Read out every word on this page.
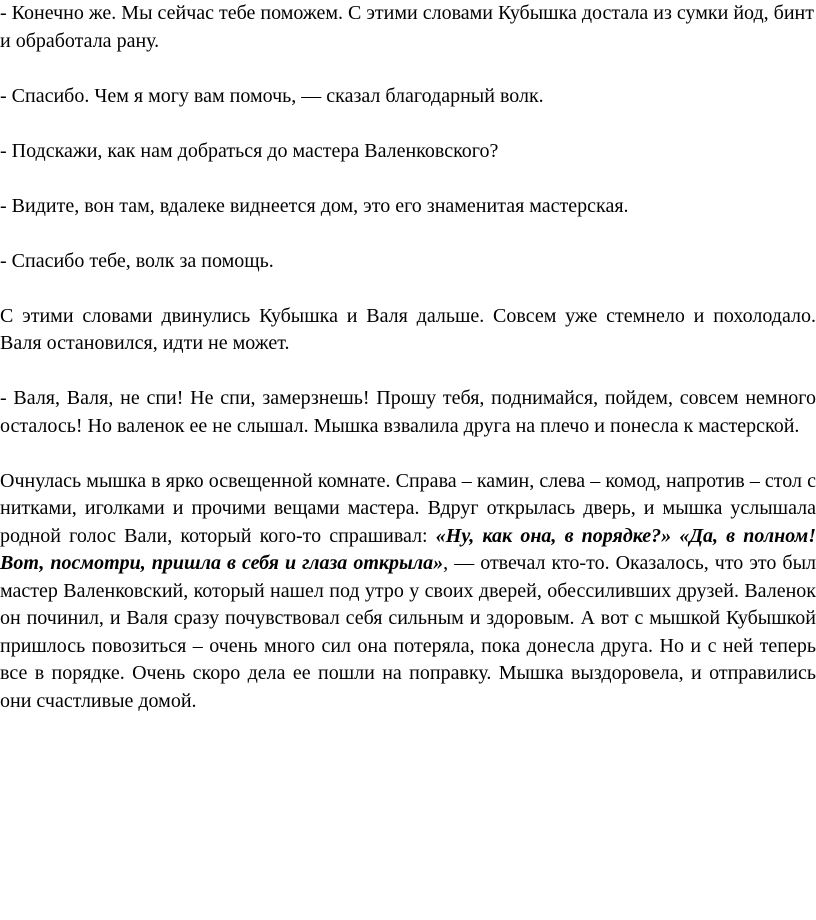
- Конечно же. Мы сейчас тебе поможем. С этими словами Кубышка достала из сумки йод, бинт и обработала рану.

- Спасибо. Чем я могу вам помочь, — сказал благодарный волк.

- Подскажи, как нам добраться до мастера Валенковского?

- Видите, вон там, вдалеке виднеется дом, это его знаменитая мастерская.

- Спасибо тебе, волк за помощь.

С этими словами двинулись Кубышка и Валя дальше. Совсем уже стемнело и похолодало. Валя остановился, идти не может.

- Валя, Валя, не спи! Не спи, замерзнешь! Прошу тебя, поднимайся, пойдем, совсем немного осталось! Но валенок ее не слышал. Мышка взвалила друга на плечо и понесла к мастерской.

Очнулась мышка в ярко освещенной комнате. Справа – камин, слева – комод, напротив – стол с нитками, иголками и прочими вещами мастера. Вдруг открылась дверь, и мышка услышала родной голос Вали, который кого-то спрашивал: «Ну, как она, в порядке?» «Да, в полном! Вот, посмотри, пришла в себя и глаза открыла», — отвечал кто-то. Оказалось, что это был мастер Валенковский, который нашел под утро у своих дверей, обессиливших друзей. Валенок он починил, и Валя сразу почувствовал себя сильным и здоровым. А вот с мышкой Кубышкой пришлось повозиться – очень много сил она потеряла, пока донесла друга. Но и с ней теперь все в порядке. Очень скоро дела ее пошли на поправку. Мышка выздоровела, и отправились они счастливые домой.
